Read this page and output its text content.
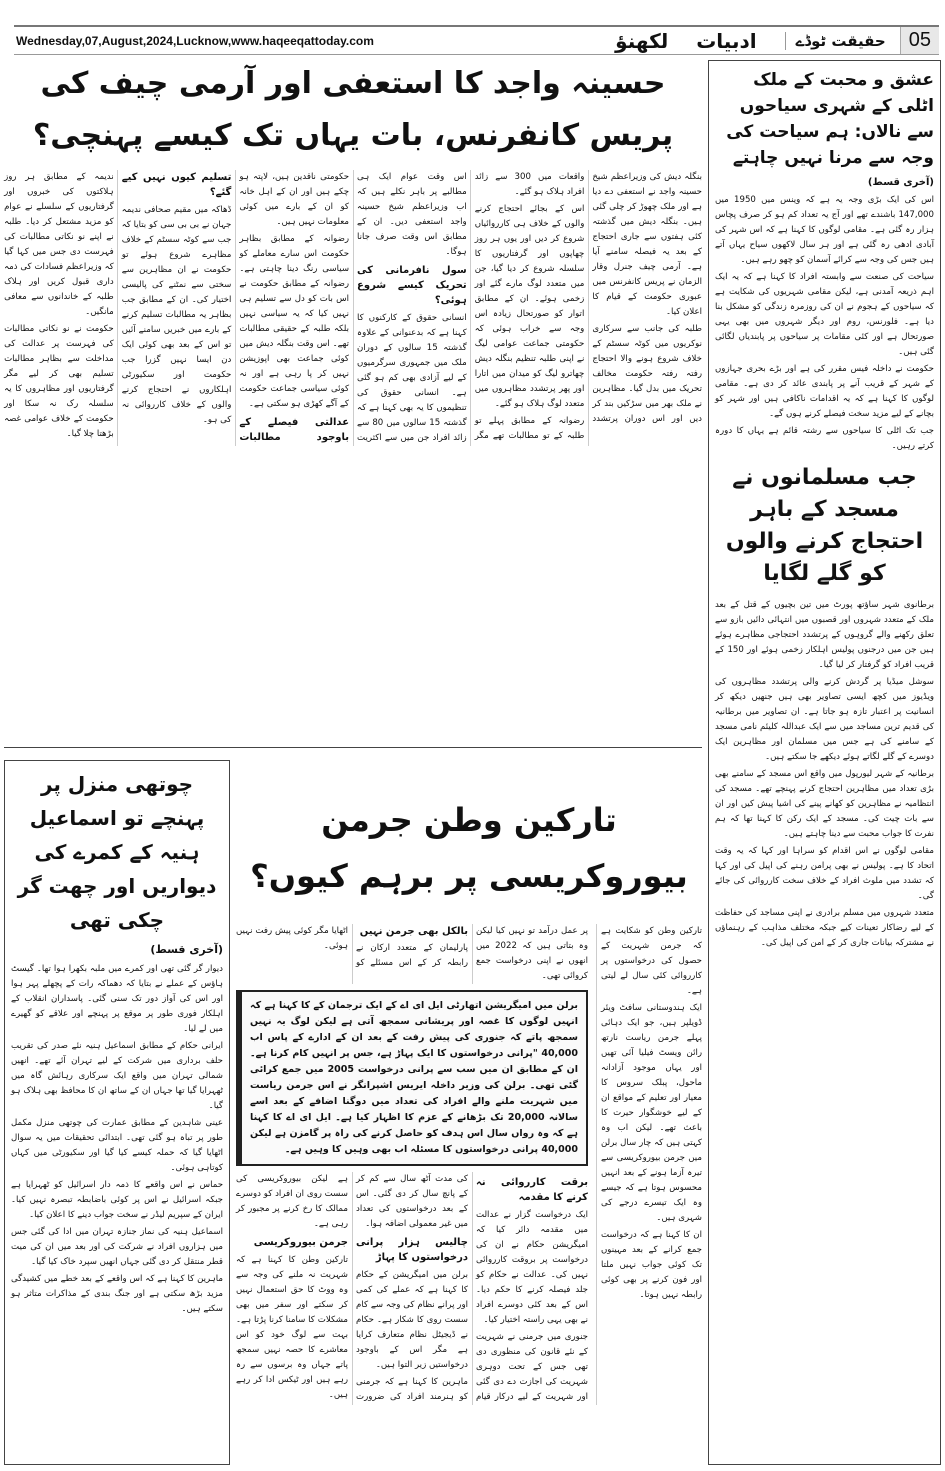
Wednesday,07,August,2024,Lucknow,www.haqeeqattoday.com	لکھنؤ ادبیات	حقیقت ٹوڈے	05
حسینہ واجد کا استعفی اور آرمی چیف کی پریس کانفرنس، بات یہاں تک کیسے پہنچی؟

بنگلہ دیش کی وزیراعظم شیخ حسینہ واجد نے استعفی دے دیا ہے اور ملک چھوڑ کر چلی گئی ہیں۔ بنگلہ دیش میں گذشتہ کئی ہفتوں سے جاری احتجاج کے بعد یہ فیصلہ سامنے آیا ہے۔ آرمی چیف جنرل وقار الزمان نے پریس کانفرنس میں عبوری حکومت کے قیام کا اعلان کیا۔

طلبہ کی جانب سے سرکاری نوکریوں میں کوٹہ سسٹم کے خلاف شروع ہونے والا احتجاج رفتہ رفتہ حکومت مخالف تحریک میں بدل گیا۔ مظاہرین نے ملک بھر میں سڑکیں بند کر دیں اور اس دوران پرتشدد واقعات میں 300 سے زائد افراد ہلاک ہو گئے۔

اس کے بجائے احتجاج کرنے والوں کے خلاف ہی کارروائیاں شروع کر دیں اور یوں ہر روز چھاپوں اور گرفتاریوں کا سلسلہ شروع کر دیا گیا، جن میں متعدد لوگ مارے گئے اور زخمی ہوئے۔ ان کے مطابق اتوار کو صورتحال زیادہ اس وجہ سے خراب ہوئی کہ حکومتی جماعت عوامی لیگ نے اپنی طلبہ تنظیم بنگلہ دیش چھاترو لیگ کو میدان میں اتارا اور پھر پرتشدد مظاہروں میں متعدد لوگ ہلاک ہو گئے۔

رضوانہ کے مطابق پہلے تو طلبہ کے تو مطالبات تھے مگر اس وقت عوام ایک ہی مطالبے پر باہر نکلے ہیں کہ اب وزیراعظم شیخ حسینہ واجد استعفی دیں۔ ان کے مطابق اس وقت صرف جانا ہوگا۔

سول نافرمانی کی تحریک کیسے شروع ہوئی؟

انسانی حقوق کے کارکنوں کا کہنا ہے کہ بدعنوانی کے علاوہ گذشتہ 15 سالوں کے دوران ملک میں جمہوری سرگرمیوں کے لیے آزادی بھی کم ہو گئی ہے۔ انسانی حقوق کی تنظیموں کا یہ بھی کہنا ہے کہ گذشتہ 15 سالوں میں 80 سے زائد افراد جن میں سے اکثریت حکومتی ناقدین ہیں، لاپتہ ہو چکے ہیں اور ان کے اہل خانہ کو ان کے بارے میں کوئی معلومات نہیں ہیں۔

رضوانہ کے مطابق بظاہر حکومت اس سارے معاملے کو سیاسی رنگ دینا چاہتی ہے۔ رضوانہ کے مطابق حکومت نے اس بات کو دل سے تسلیم ہی نہیں کیا کہ یہ سیاسی نہیں بلکہ طلبہ کے حقیقی مطالبات تھے۔ اس وقت بنگلہ دیش میں کوئی جماعت بھی اپوزیشن نہیں کر پا رہی ہے اور نہ کوئی سیاسی جماعت حکومت کے آگے کھڑی ہو سکتی ہے۔

عدالتی فیصلے کے باوجود مطالبات تسلیم کیوں نہیں کیے گئے؟

ڈھاکہ میں مقیم صحافی ندیمہ جہان نے بی بی سی کو بتایا کہ جب سے کوٹہ سسٹم کے خلاف مظاہرے شروع ہوئے تو حکومت نے ان مظاہرین سے سختی سے نمٹنے کی پالیسی اختیار کی۔ ان کے مطابق جب بظاہر یہ مطالبات تسلیم کرنے کے بارے میں خبریں سامنے آئیں تو اس کے بعد بھی کوئی ایک دن ایسا نہیں گزرا جب حکومت اور سکیورٹی اہلکاروں نے احتجاج کرنے والوں کے خلاف کارروائی نہ کی ہو۔

ندیمہ کے مطابق ہر روز ہلاکتوں کی خبروں اور گرفتاریوں کے سلسلے نے عوام کو مزید مشتعل کر دیا۔ طلبہ نے اپنے نو نکاتی مطالبات کی فہرست دی جس میں کہا گیا کہ وزیراعظم فسادات کی ذمہ داری قبول کریں اور ہلاک طلبہ کے خاندانوں سے معافی مانگیں۔

حکومت نے نو نکاتی مطالبات کی فہرست پر عدالت کی مداخلت سے بظاہر مطالبات تسلیم بھی کر لیے مگر گرفتاریوں اور مظاہروں کا یہ سلسلہ رک نہ سکا اور حکومت کے خلاف عوامی غصہ بڑھتا چلا گیا۔

عشق و محبت کے ملک اٹلی کے شہری سیاحوں سے نالاں: ہم سیاحت کی وجہ سے مرنا نہیں چاہتے
(آخری قسط)

اس کی ایک بڑی وجہ یہ ہے کہ وینس میں 1950 میں 147,000 باشندے تھے اور آج یہ تعداد کم ہو کر صرف پچاس ہزار رہ گئی ہے۔ مقامی لوگوں کا کہنا ہے کہ اس شہر کی آبادی ادھی رہ گئی ہے اور ہر سال لاکھوں سیاح یہاں آتے ہیں جس کی وجہ سے کرائے آسمان کو چھو رہے ہیں۔

سیاحت کی صنعت سے وابستہ افراد کا کہنا ہے کہ یہ ایک اہم ذریعہ آمدنی ہے، لیکن مقامی شہریوں کی شکایت ہے کہ سیاحوں کے ہجوم نے ان کی روزمرہ زندگی کو مشکل بنا دیا ہے۔ فلورنس، روم اور دیگر شہروں میں بھی یہی صورتحال ہے اور کئی مقامات پر سیاحوں پر پابندیاں لگائی گئی ہیں۔

حکومت نے داخلہ فیس مقرر کی ہے اور بڑے بحری جہازوں کے شہر کے قریب آنے پر پابندی عائد کر دی ہے۔ مقامی لوگوں کا کہنا ہے کہ یہ اقدامات ناکافی ہیں اور شہر کو بچانے کے لیے مزید سخت فیصلے کرنے ہوں گے۔

جب تک اٹلی کا سیاحوں سے رشتہ قائم ہے یہاں کا دورہ کرتے رہیں۔

جب مسلمانوں نے مسجد کے باہر احتجاج کرنے والوں کو گلے لگایا

برطانوی شہر ساؤتھ پورٹ میں تین بچیوں کے قتل کے بعد ملک کے متعدد شہروں اور قصبوں میں انتہائی دائیں بازو سے تعلق رکھنے والے گروہوں کے پرتشدد احتجاجی مظاہرے ہوئے ہیں جن میں درجنوں پولیس اہلکار زخمی ہوئے اور 150 کے قریب افراد کو گرفتار کر لیا گیا۔

سوشل میڈیا پر گردش کرنے والی پرتشدد مظاہروں کی ویڈیوز میں کچھ ایسی تصاویر بھی ہیں جنھیں دیکھ کر انسانیت پر اعتبار تازہ ہو جاتا ہے۔ ان تصاویر میں برطانیہ کی قدیم ترین مساجد میں سے ایک عبداللہ کلیئم نامی مسجد کے سامنے کی ہے جس میں مسلمان اور مظاہرین ایک دوسرے کے گلے لگاتے ہوئے دیکھے جا سکتے ہیں۔

برطانیہ کے شہر لیورپول میں واقع اس مسجد کے سامنے بھی بڑی تعداد میں مظاہرین احتجاج کرنے پہنچے تھے۔ مسجد کی انتظامیہ نے مظاہرین کو کھانے پینے کی اشیا پیش کیں اور ان سے بات چیت کی۔ مسجد کے ایک رکن کا کہنا تھا کہ ہم نفرت کا جواب محبت سے دینا چاہتے ہیں۔

مقامی لوگوں نے اس اقدام کو سراہا اور کہا کہ یہ وقت اتحاد کا ہے۔ پولیس نے بھی پرامن رہنے کی اپیل کی اور کہا کہ تشدد میں ملوث افراد کے خلاف سخت کارروائی کی جائے گی۔

متعدد شہروں میں مسلم برادری نے اپنی مساجد کی حفاظت کے لیے رضاکار تعینات کیے جبکہ مختلف مذاہب کے رہنماؤں نے مشترکہ بیانات جاری کر کے امن کی اپیل کی۔

چوتھی منزل پر پہنچے تو اسماعیل ہنیہ کے کمرے کی دیواریں اور چھت گر چکی تھی
(آخری قسط)

دیوار گر گئی تھی اور کمرے میں ملبہ بکھرا ہوا تھا۔ گیسٹ ہاؤس کے عملے نے بتایا کہ دھماکہ رات کے پچھلے پہر ہوا اور اس کی آواز دور تک سنی گئی۔ پاسداران انقلاب کے اہلکار فوری طور پر موقع پر پہنچے اور علاقے کو گھیرے میں لے لیا۔

ایرانی حکام کے مطابق اسماعیل ہنیہ نئے صدر کی تقریب حلف برداری میں شرکت کے لیے تہران آئے تھے۔ انھیں شمالی تہران میں واقع ایک سرکاری رہائش گاہ میں ٹھہرایا گیا تھا جہاں ان کے ساتھ ان کا محافظ بھی ہلاک ہو گیا۔

عینی شاہدین کے مطابق عمارت کی چوتھی منزل مکمل طور پر تباہ ہو گئی تھی۔ ابتدائی تحقیقات میں یہ سوال اٹھایا گیا کہ حملہ کیسے کیا گیا اور سکیورٹی میں کہاں کوتاہی ہوئی۔

حماس نے اس واقعے کا ذمہ دار اسرائیل کو ٹھہرایا ہے جبکہ اسرائیل نے اس پر کوئی باضابطہ تبصرہ نہیں کیا۔ ایران کے سپریم لیڈر نے سخت جواب دینے کا اعلان کیا۔

اسماعیل ہنیہ کی نماز جنازہ تہران میں ادا کی گئی جس میں ہزاروں افراد نے شرکت کی اور بعد میں ان کی میت قطر منتقل کر دی گئی جہاں انھیں سپرد خاک کیا گیا۔

ماہرین کا کہنا ہے کہ اس واقعے کے بعد خطے میں کشیدگی مزید بڑھ سکتی ہے اور جنگ بندی کے مذاکرات متاثر ہو سکتے ہیں۔

تارکین وطن جرمن بیوروکریسی پر برہم کیوں؟

تارکین وطن کو شکایت ہے کہ جرمن شہریت کے حصول کی درخواستوں پر کارروائی کئی سال لے لیتی ہے۔

ایک ہندوستانی سافٹ ویئر ڈویلپر ہیں، جو ایک دہائی پہلے جرمن ریاست نارتھ رائن ویسٹ فیلیا آئی تھیں اور یہاں موجود آزادانہ ماحول، پبلک سروس کا معیار اور تعلیم کے مواقع ان کے لیے خوشگوار حیرت کا باعث تھے۔ لیکن اب وہ کہتی ہیں کہ چار سال برلن میں جرمن بیوروکریسی سے تیرہ آزما ہونے کے بعد انہیں محسوس ہوتا ہے کہ جیسے وہ ایک تیسرے درجے کی شہری ہیں۔

ان کا کہنا ہے کہ درخواست جمع کرانے کے بعد مہینوں تک کوئی جواب نہیں ملتا اور فون کرنے پر بھی کوئی رابطہ نہیں ہوتا۔

پر عمل درآمد تو نہیں کیا لیکن وہ بتاتی ہیں کہ 2022 میں انھوں نے اپنی درخواست جمع کروائی تھی۔

بالکل بھی جرمن نہیں

پارلیمان کے متعدد ارکان نے رابطہ کر کے اس مسئلے کو اٹھایا مگر کوئی پیش رفت نہیں ہوئی۔

برلن میں امیگریشن اتھارٹی ایل ای اے کے ایک ترجمان کے کا کہنا ہے کہ انہیں لوگوں کا غصہ اور پریشانی سمجھ آتی ہے لیکن لوگ یہ نہیں سمجھ پاتے کہ جنوری کی پیش رفت کے بعد ان کے ادارے کے پاس اب 40,000 "پرانی درخواستوں کا ایک پہاڑ ہے، جس پر انہیں کام کرنا ہے۔ ان کے مطابق ان میں سب سے پرانی درخواست 2005 میں جمع کرائی گئی تھی۔ برلن کی وزیر داخلہ ایریس اشپرانگر نے اس جرمن ریاست میں شہریت ملنے والے افراد کی تعداد میں دوگنا اضافے کے بعد اسے سالانہ 20,000 تک بڑھانے کے عزم کا اظہار کیا ہے۔ ایل ای اے کا کہنا ہے کہ وہ رواں سال اس ہدف کو حاصل کرنے کی راہ پر گامزن ہے لیکن 40,000 پرانی درخواستوں کا مسئلہ اب بھی وہیں کا وہیں ہے۔
برقت کارروائی نہ کرنے کا مقدمہ

ایک درخواست گزار نے عدالت میں مقدمہ دائر کیا کہ امیگریشن حکام نے ان کی درخواست پر بروقت کارروائی نہیں کی۔ عدالت نے حکام کو جلد فیصلہ کرنے کا حکم دیا۔ اس کے بعد کئی دوسرے افراد نے بھی یہی راستہ اختیار کیا۔

جنوری میں جرمنی نے شہریت کے نئے قانون کی منظوری دی تھی جس کے تحت دوہری شہریت کی اجازت دے دی گئی اور شہریت کے لیے درکار قیام کی مدت آٹھ سال سے کم کر کے پانچ سال کر دی گئی۔ اس کے بعد درخواستوں کی تعداد میں غیر معمولی اضافہ ہوا۔

چالیس ہزار پرانی درخواستوں کا پہاڑ

برلن میں امیگریشن کے حکام کا کہنا ہے کہ عملے کی کمی اور پرانے نظام کی وجہ سے کام سست روی کا شکار ہے۔ حکام نے ڈیجیٹل نظام متعارف کرایا ہے مگر اس کے باوجود درخواستیں زیر التوا ہیں۔

ماہرین کا کہنا ہے کہ جرمنی کو ہنرمند افراد کی ضرورت ہے لیکن بیوروکریسی کی سست روی ان افراد کو دوسرے ممالک کا رخ کرنے پر مجبور کر رہی ہے۔

جرمن بیوروکریسی

تارکین وطن کا کہنا ہے کہ شہریت نہ ملنے کی وجہ سے وہ ووٹ کا حق استعمال نہیں کر سکتے اور سفر میں بھی مشکلات کا سامنا کرنا پڑتا ہے۔ بہت سے لوگ خود کو اس معاشرے کا حصہ نہیں سمجھ پاتے جہاں وہ برسوں سے رہ رہے ہیں اور ٹیکس ادا کر رہے ہیں۔
